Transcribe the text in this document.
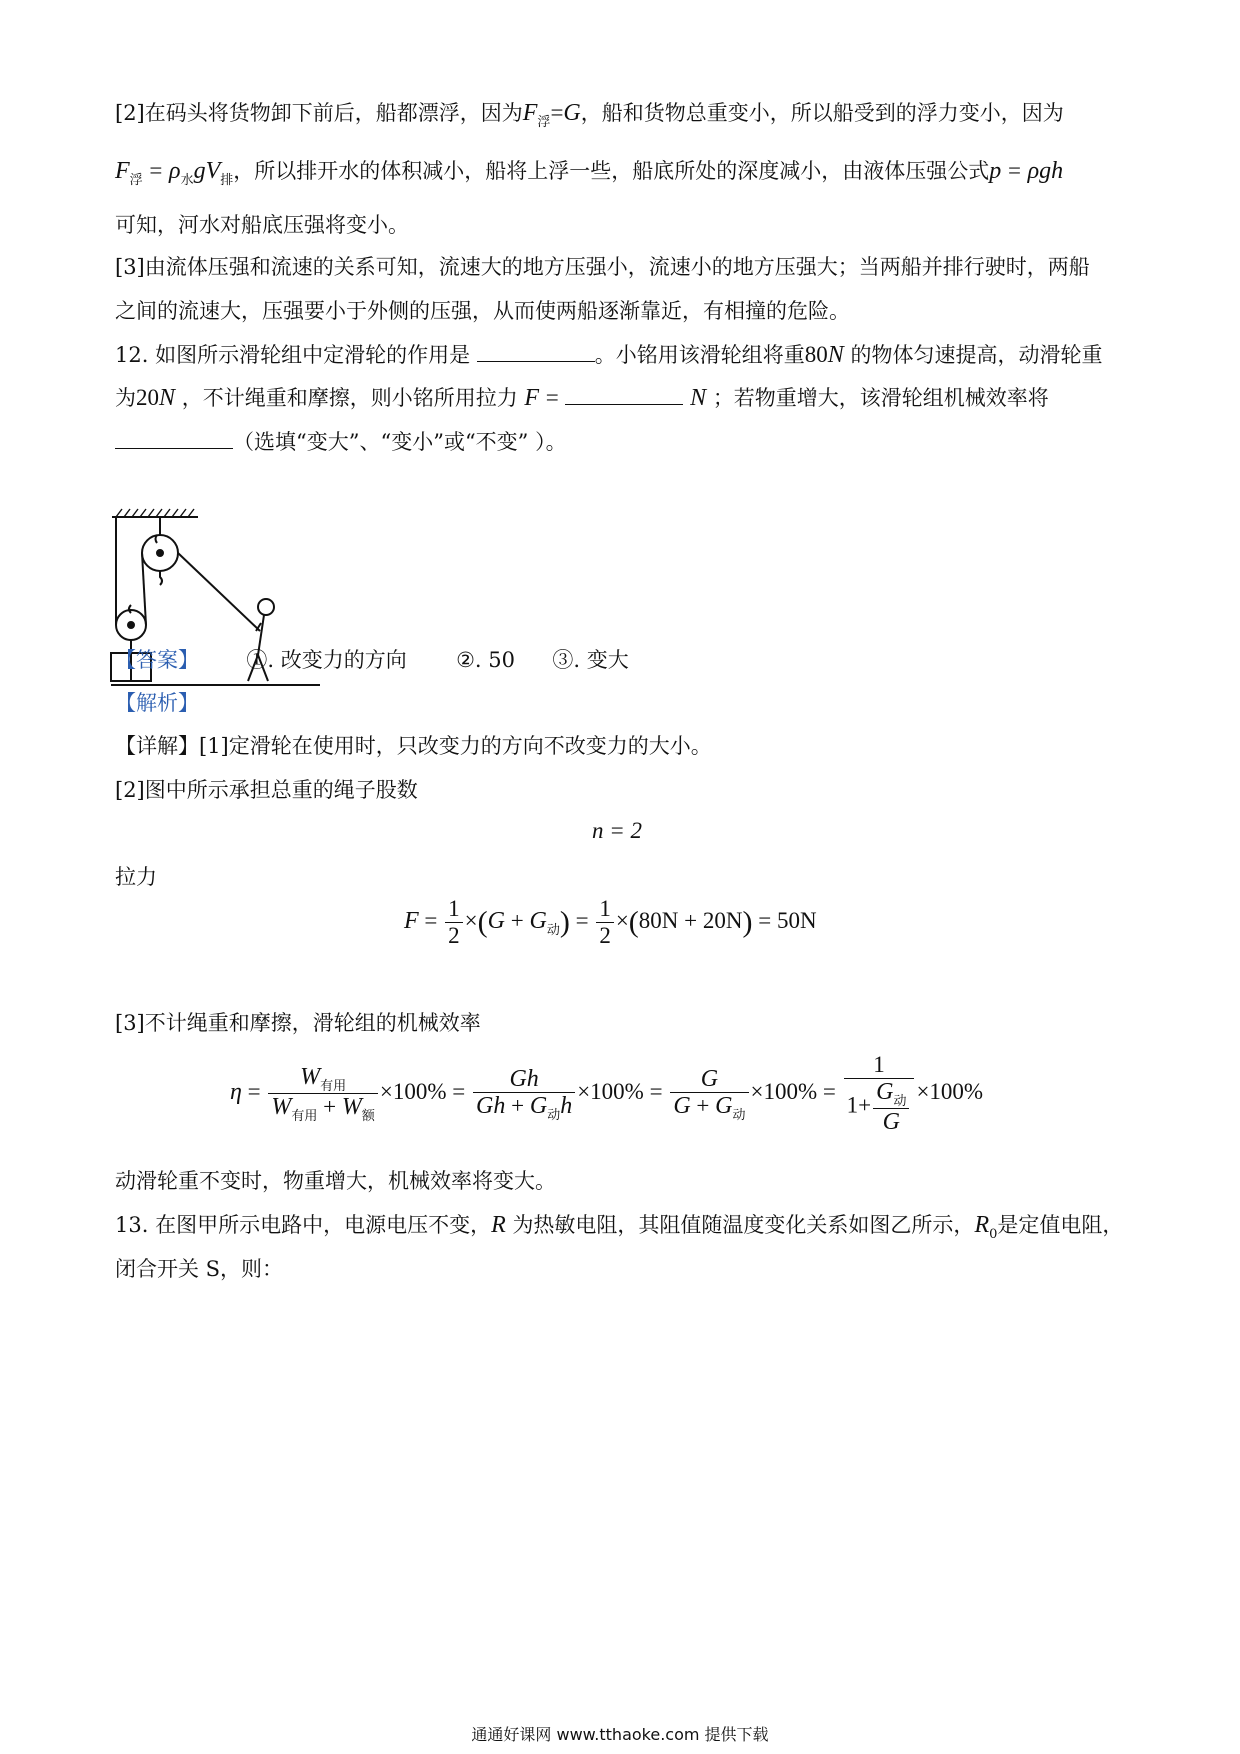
[2]在码头将货物卸下前后，船都漂浮，因为$F_浮=G$，船和货物总重变小，所以船受到的浮力变小，因为
$F_浮 = \rho_水gV_排$，所以排开水的体积减小，船将上浮一些，船底所处的深度减小，由液体压强公式p = ρgh
可知，河水对船底压强将变小。
[3]由流体压强和流速的关系可知，流速大的地方压强小，流速小的地方压强大；当两船并排行驶时，两船
之间的流速大，压强要小于外侧的压强，从而使两船逐渐靠近，有相撞的危险。
12. 如图所示滑轮组中定滑轮的作用是	。小铭用该滑轮组将重80N 的物体匀速提高，动滑轮重
为20N ，不计绳重和摩擦，则小铭所用拉力 F =	N ；若物重增大，该滑轮组机械效率将
（选填“变大”、“变小”或“不变” ）。
【答案】 ①. 改变力的方向 ②. 50 ③. 变大
【解析】
【详解】[1]定滑轮在使用时，只改变力的方向不改变力的大小。
[2]图中所示承担总重的绳子股数
n = 2
拉力
$F = \frac{1}{2} \times(G + G_动) = \frac{1}{2} \times(80N + 20N) = 50N$
[3]不计绳重和摩擦，滑轮组的机械效率
$\eta = \frac{W_{有用}}{W_{有用} + W_额} \times 100\% = \frac{Gh}{Gh + G_动h} \times 100\% = \frac{G}{G + G_动} \times 100\% = \frac{1}{1+ \frac{G_动}{G}} \times 100\%$
动滑轮重不变时，物重增大，机械效率将变大。
13. 在图甲所示电路中，电源电压不变，R 为热敏电阻，其阻值随温度变化关系如图乙所示，$R_0$是定值电阻，
闭合开关 S，则：
通通好课网 www.tthaoke.com 提供下载
